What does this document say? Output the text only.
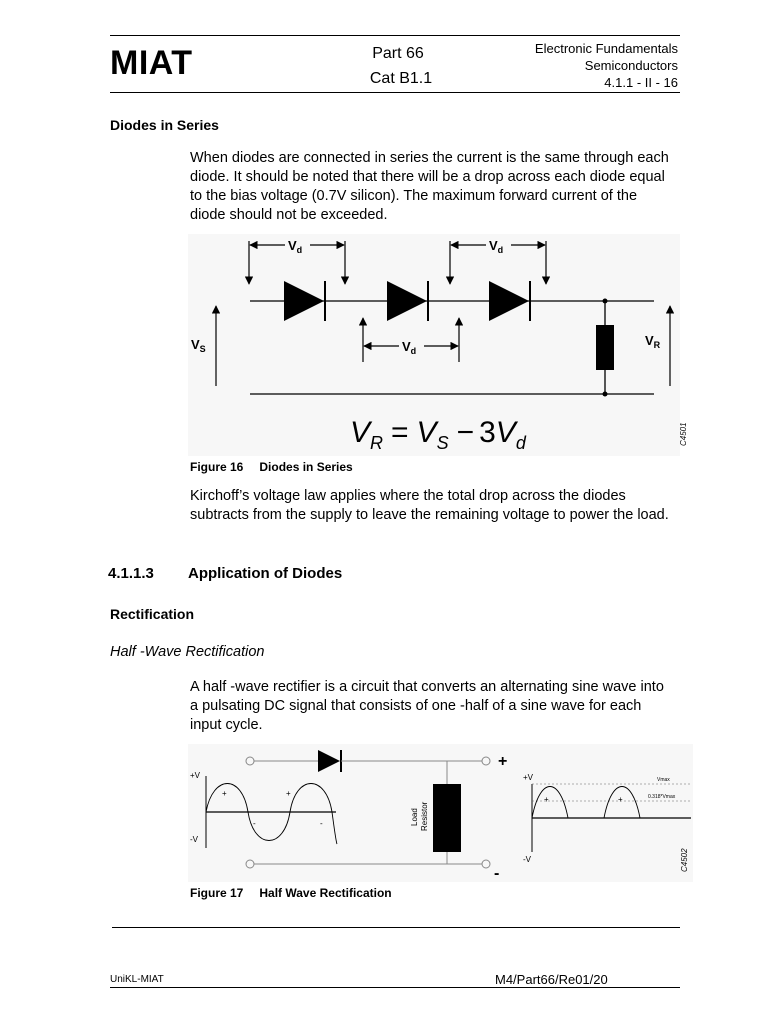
MIAT	Part 66
Cat B1.1
Electronic Fundamentals
Semiconductors
4.1.1 - II - 16
Diodes in Series
When diodes are connected in series the current is the same through each diode. It should be noted that there will be a drop across each diode equal to the bias voltage (0.7V silicon). The maximum forward current of the diode should not be exceeded.
$V_d$	$V_d$
$V_d$
$V_S$
$V_R$
$V_R = V_S - 3V_d$	C4501
Figure 16 Diodes in Series
Kirchoff’s voltage law applies where the total drop across the diodes subtracts from the supply to leave the remaining voltage to power the load.
4.1.1.3 Application of Diodes
Rectification
Half -Wave Rectification
A half -wave rectifier is a circuit that converts an alternating sine wave into a pulsating DC signal that consists of one -half of a sine wave for each input cycle.
+V
-V
+	+
-	-	Load Resistor
+
-
+V
-V
+	+
Vmax
0.318*Vmax
C4502
Figure 17 Half Wave Rectification
UniKL-MIAT	M4/Part66/Re01/20
